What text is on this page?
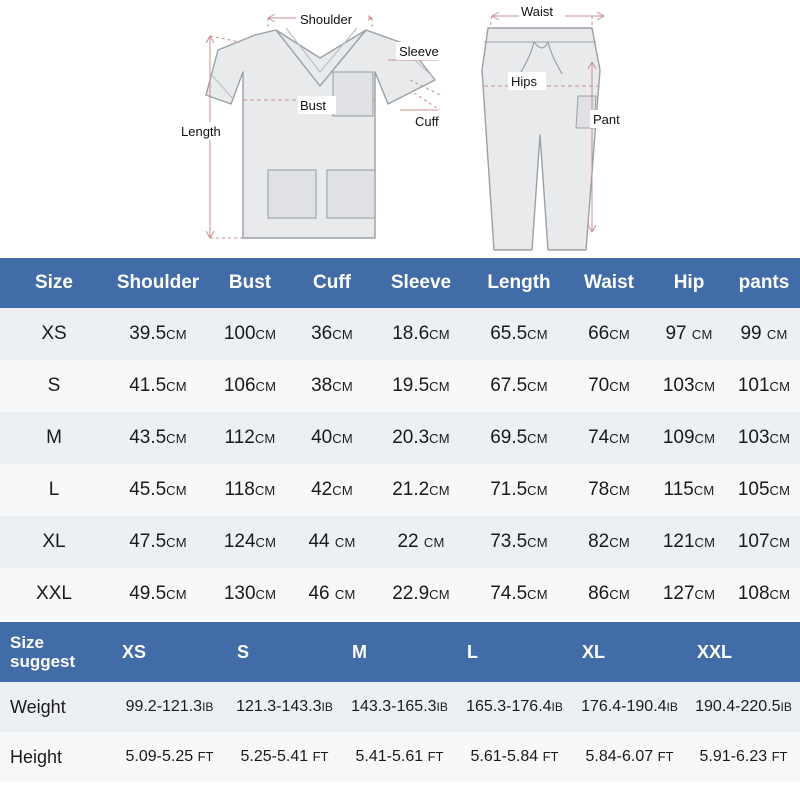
Shoulder
Sleeve
Bust
Cuff
Length
Waist
Hips
Pant
Size	Shoulder	Bust	Cuff	Sleeve	Length	Waist	Hip	pants
XS	39.5CM	100CM	36CM	18.6CM	65.5CM	66CM	97 CM	99 CM
S	41.5CM	106CM	38CM	19.5CM	67.5CM	70CM	103CM	101CM
M	43.5CM	112CM	40CM	20.3CM	69.5CM	74CM	109CM	103CM
L	45.5CM	118CM	42CM	21.2CM	71.5CM	78CM	115CM	105CM
XL	47.5CM	124CM	44 CM	22 CM	73.5CM	82CM	121CM	107CM
XXL	49.5CM	130CM	46 CM	22.9CM	74.5CM	86CM	127CM	108CM
Size
suggest	XS	S	M	L	XL	XXL
Weight	99.2-121.3IB	121.3-143.3IB	143.3-165.3IB	165.3-176.4IB	176.4-190.4IB	190.4-220.5IB
Height	5.09-5.25 FT	5.25-5.41 FT	5.41-5.61 FT	5.61-5.84 FT	5.84-6.07 FT	5.91-6.23 FT
